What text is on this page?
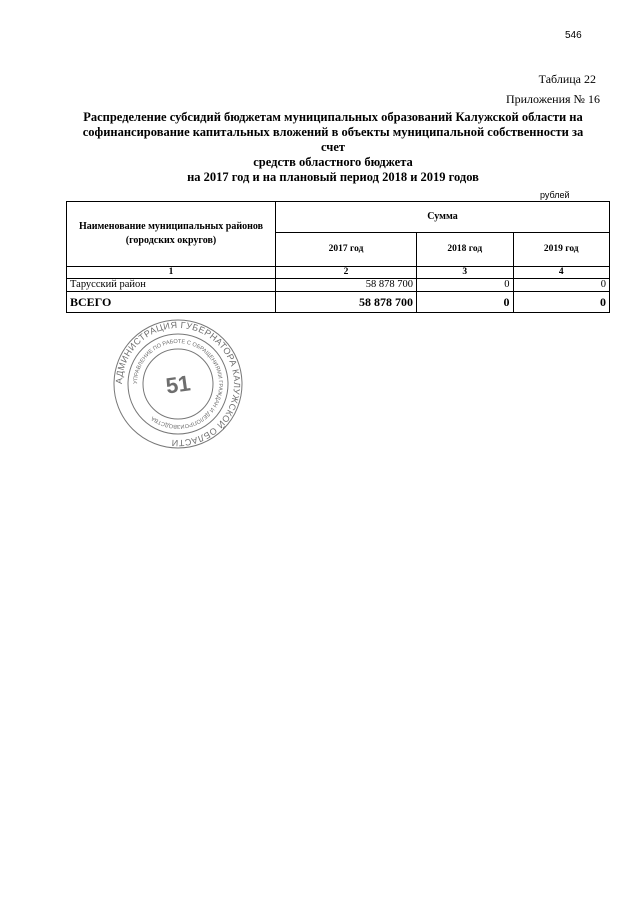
546
Таблица 22
Приложения № 16
Распределение субсидий бюджетам муниципальных образований Калужской области на
софинансирование капитальных вложений в объекты муниципальной собственности за счет
средств областного бюджета
на 2017 год и на плановый период 2018 и 2019 годов
рублей
Наименование муниципальных районов (городских округов)	Сумма		
	2017 год	2018 год	2019 год
1	2	3	4
Тарусский район	58 878 700	0	0
ВСЕГО	58 878 700	0	0
АДМИНИСТРАЦИЯ ГУБЕРНАТОРА КАЛУЖСКОЙ ОБЛАСТИ
УПРАВЛЕНИЕ ПО РАБОТЕ С ОБРАЩЕНИЯМИ ГРАЖДАН И ДЕЛОПРОИЗВОДСТВА
51
